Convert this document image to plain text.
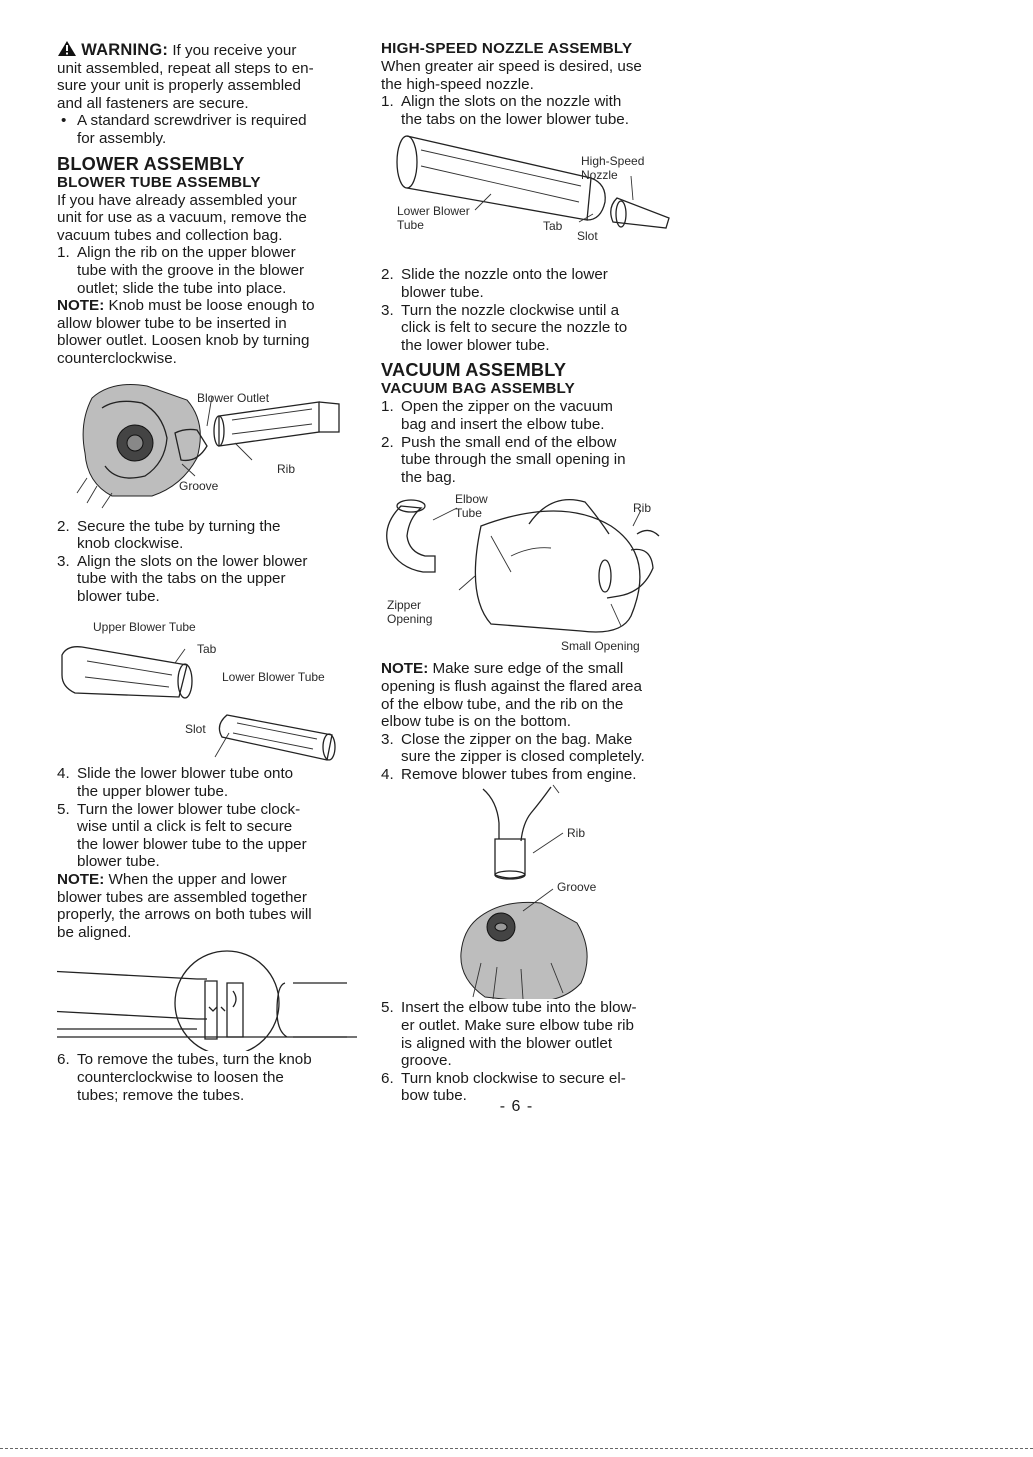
WARNING: If you receive your

unit assembled, repeat all steps to en-
sure your unit is properly assembled
and all fasteners are secure.

• A standard screwdriver is required
for assembly.
BLOWER ASSEMBLY
BLOWER TUBE ASSEMBLY

If you have already assembled your
unit for use as a vacuum, remove the
vacuum tubes and collection bag.

1. Align the rib on the upper blower
tube with the groove in the blower
outlet; slide the tube into place.

NOTE: Knob must be loose enough to

allow blower tube to be inserted in
blower outlet. Loosen knob by turning
counterclockwise.

Blower Outlet
Rib
Groove
2. Secure the tube by turning the
knob clockwise.
3. Align the slots on the lower blower
tube with the tabs on the upper
blower tube.
Upper Blower Tube
Tab
Lower Blower Tube
Slot
4. Slide the lower blower tube onto
the upper blower tube.
5. Turn the lower blower tube clock-
wise until a click is felt to secure
the lower blower tube to the upper
blower tube.

NOTE: When the upper and lower

blower tubes are assembled together
properly, the arrows on both tubes will
be aligned.

6. To remove the tubes, turn the knob
counterclockwise to loosen the
tubes; remove the tubes.
HIGH-SPEED NOZZLE ASSEMBLY

When greater air speed is desired, use
the high-speed nozzle.

1. Align the slots on the nozzle with
the tabs on the lower blower tube.
High-Speed
Nozzle
Lower Blower
Tube	Tab
Slot
2. Slide the nozzle onto the lower
blower tube.
3. Turn the nozzle clockwise until a
click is felt to secure the nozzle to
the lower blower tube.
VACUUM ASSEMBLY
VACUUM BAG ASSEMBLY
1. Open the zipper on the vacuum
bag and insert the elbow tube.
2. Push the small end of the elbow
tube through the small opening in
the bag.
Elbow
Tube	Rib
Zipper
Opening
Small Opening

NOTE: Make sure edge of the small

opening is flush against the flared area
of the elbow tube, and the rib on the
elbow tube is on the bottom.

3. Close the zipper on the bag. Make
sure the zipper is closed completely.
4. Remove blower tubes from engine.
Rib
Groove
5. Insert the elbow tube into the blow-
er outlet. Make sure elbow tube rib
is aligned with the blower outlet
groove.
6. Turn knob clockwise to secure el-
bow tube.
- 6 -
